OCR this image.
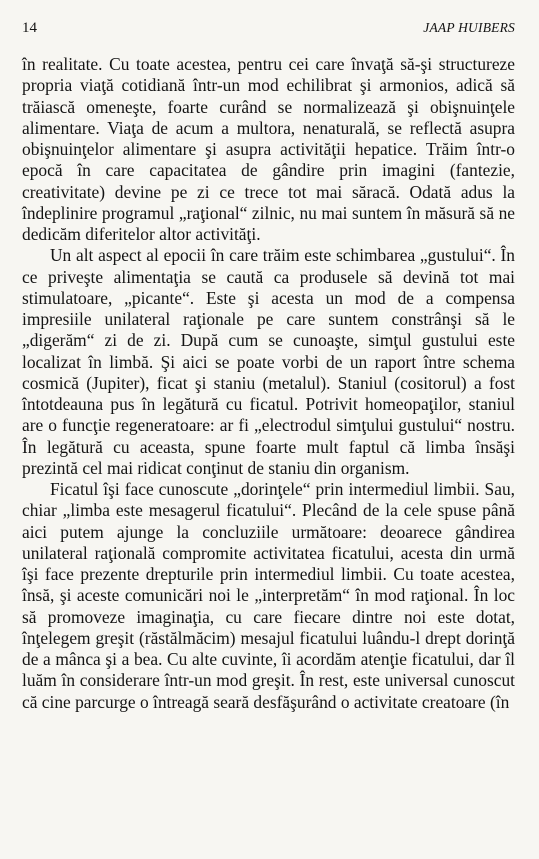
14	JAAP HUIBERS

în realitate. Cu toate acestea, pentru cei care învaţă să-şi structureze propria viaţă cotidiană într-un mod echilibrat şi armonios, adică să trăiască omeneşte, foarte curând se normalizează şi obişnuinţele alimentare. Viaţa de acum a multora, nenaturală, se reflectă asupra obişnuinţelor alimentare şi asupra activităţii hepatice. Trăim într-o epocă în care capacitatea de gândire prin imagini (fantezie, creativitate) devine pe zi ce trece tot mai săracă. Odată adus la îndeplinire programul „raţional“ zilnic, nu mai suntem în măsură să ne dedicăm diferitelor altor activităţi.

Un alt aspect al epocii în care trăim este schimbarea „gustului“. În ce priveşte alimentaţia se caută ca produsele să devină tot mai stimulatoare, „picante“. Este şi acesta un mod de a compensa impresiile unilateral raţionale pe care suntem constrânşi să le „digerăm“ zi de zi. După cum se cunoaşte, simţul gustului este localizat în limbă. Şi aici se poate vorbi de un raport între schema cosmică (Jupiter), ficat şi staniu (metalul). Staniul (cositorul) a fost întotdeauna pus în legătură cu ficatul. Potrivit homeopaţilor, staniul are o funcţie regeneratoare: ar fi „electrodul simţului gustului“ nostru. În legătură cu aceasta, spune foarte mult faptul că limba însăşi prezintă cel mai ridicat conţinut de staniu din organism.

Ficatul îşi face cunoscute „dorinţele“ prin intermediul limbii. Sau, chiar „limba este mesagerul ficatului“. Plecând de la cele spuse până aici putem ajunge la concluziile următoare: deoarece gândirea unilateral raţională compromite activitatea ficatului, acesta din urmă îşi face prezente drepturile prin intermediul limbii. Cu toate acestea, însă, şi aceste comunicări noi le „interpretăm“ în mod raţional. În loc să promoveze imaginaţia, cu care fiecare dintre noi este dotat, înţelegem greşit (răstălmăcim) mesajul ficatului luându-l drept dorinţă de a mânca şi a bea. Cu alte cuvinte, îi acordăm atenţie ficatului, dar îl luăm în considerare într-un mod greşit. În rest, este universal cunoscut că cine parcurge o întreagă seară desfăşurând o activitate creatoare (în
